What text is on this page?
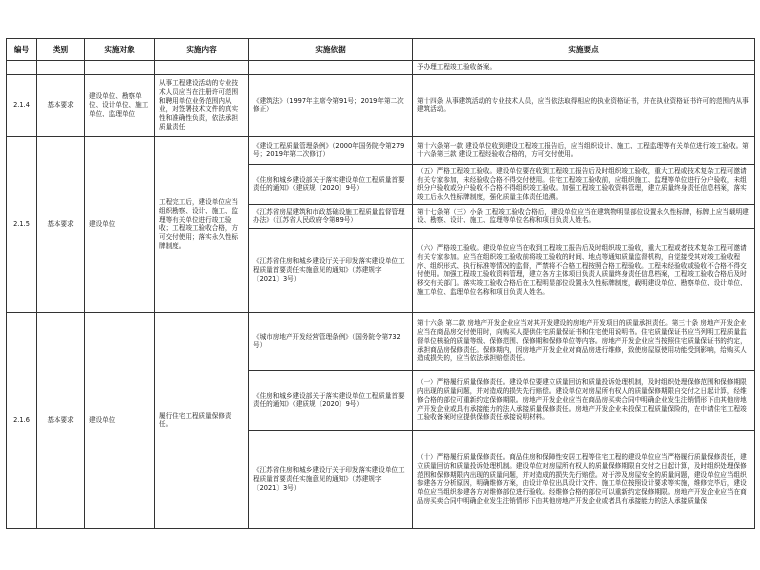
编号	类别	实施对象	实施内容	实施依据	实施要点
					予办理工程竣工验收备案。
2.1.4	基本要求	建设单位、勘察单位、设计单位、施工单位、监理单位	从事工程建设活动的专业技术人员应当在注册许可范围和聘用单位业务范围内从业，对签署技术文件的真实性和准确性负责，依法承担质量责任	《建筑法》（1997年主席令第91号；2019年第二次修正）	第十四条 从事建筑活动的专业技术人员，应当依法取得相应的执业资格证书，并在执业资格证书许可的范围内从事建筑活动。
2.1.5	基本要求	建设单位	工程完工后，建设单位应当组织勘察、设计、施工、监理等有关单位进行竣工验收；工程竣工验收合格，方可交付使用；落实永久性标牌制度。	《建设工程质量管理条例》（2000年国务院令第279号；2019年第二次修订）	第十六条第一款 建设单位收到建设工程竣工报告后，应当组织设计、施工、工程监理等有关单位进行竣工验收。第十六条第三款 建设工程经验收合格的，方可交付使用。
				《住房和城乡建设部关于落实建设单位工程质量首要责任的通知》（建质规〔2020〕9号）	（五）严格工程竣工验收。建设单位要在收到工程竣工报告后及时组织竣工验收，重大工程或技术复杂工程可邀请有关专家参加，未经验收合格不得交付使用。住宅工程竣工验收前，应组织施工、监理等单位进行分户验收，未组织分户验收或分户验收不合格不得组织竣工验收。加强工程竣工验收资料管理，建立质量终身责任信息档案，落实竣工后永久性标牌制度，强化质量主体责任追溯。
				《江苏省房屋建筑和市政基础设施工程质量监督管理办法》（江苏省人民政府令第89号）	第十七条第（三）小条 工程竣工验收合格后，建设单位应当在建筑物明显部位设置永久性标牌，标牌上应当载明建设、勘察、设计、施工、监理等单位名称和项目负责人姓名。
				《江苏省住房和城乡建设厅关于印发落实建设单位工程质量首要责任实施意见的通知》（苏建规字〔2021〕3号）	（六）严格竣工验收。建设单位应当在收到工程竣工报告后及时组织竣工验收，重大工程或者技术复杂工程可邀请有关专家参加。应当在组织竣工验收前将竣工验收的时间、地点等通知质量监督机构，自觉接受其对竣工验收程序、组织形式、执行标准等情况的监督，严禁将不合格工程按照合格工程验收。工程未经验收或验收不合格不得交付使用。加强工程竣工验收资料管理，建立各方主体项目负责人质量终身责任信息档案，工程竣工验收合格后及时移交有关部门。落实竣工验收合格后在工程明显部位设置永久性标牌制度，载明建设单位、勘察单位、设计单位、施工单位、监理单位名称和项目负责人姓名。
2.1.6	基本要求	建设单位	履行住宅工程质量保修责任。	《城市房地产开发经营管理条例》（国务院令第732号）	第十六条 第二款 房地产开发企业应当对其开发建设的房地产开发项目的质量承担责任。第三十条 房地产开发企业应当在商品房交付使用时，向购买人提供住宅质量保证书和住宅使用说明书。住宅质量保证书应当列明工程质量监督单位核验的质量等级、保修范围、保修期和保修单位等内容。房地产开发企业应当按照住宅质量保证书的约定，承担商品房保修责任。保修期内，因房地产开发企业对商品房进行维修，致使房屋原使用功能受到影响，给购买人造成损失的，应当依法承担赔偿责任。
				《住房和城乡建设部关于落实建设单位工程质量首要责任的通知》（建质规〔2020〕9号）	（一）严格履行质量保修责任。建设单位要建立质量回访和质量投诉处理机制，及时组织处理保修范围和保修期限内出现的质量问题，并对造成的损失先行赔偿。建设单位对房屋所有权人的质量保修期限自交付之日起计算，经维修合格的部位可重新约定保修期限。房地产开发企业应当在商品房买卖合同中明确企业发生注销情形下由其他房地产开发企业或具有承接能力的法人承接质量保修责任。房地产开发企业未投保工程质量保险的，在申请住宅工程竣工验收备案时应提供保修责任承接说明材料。
				《江苏省住房和城乡建设厅关于印发落实建设单位工程质量首要责任实施意见的通知》（苏建规字〔2021〕3号）	（十）严格履行质量保修责任。商品住房和保障性安居工程等住宅工程的建设单位应当严格履行质量保修责任，建立质量回访和质量投诉处理机制。建设单位对房屋所有权人的质量保修期限自交付之日起计算，及时组织处理保修范围和保修期限内出现的质量问题，并对造成的损失先行赔偿。对于涉及房屋安全的质量问题，建设单位应当组织参建各方分析原因，明确维修方案，由设计单位出具设计文件、施工单位按照设计要求等实施，维修完毕后，建设单位应当组织参建各方对维修部位进行验收。经维修合格的部位可以重新约定保修期限。房地产开发企业应当在商品房买卖合同中明确企业发生注销情形下由其他房地产开发企业或者具有承接能力的法人承接质量保
